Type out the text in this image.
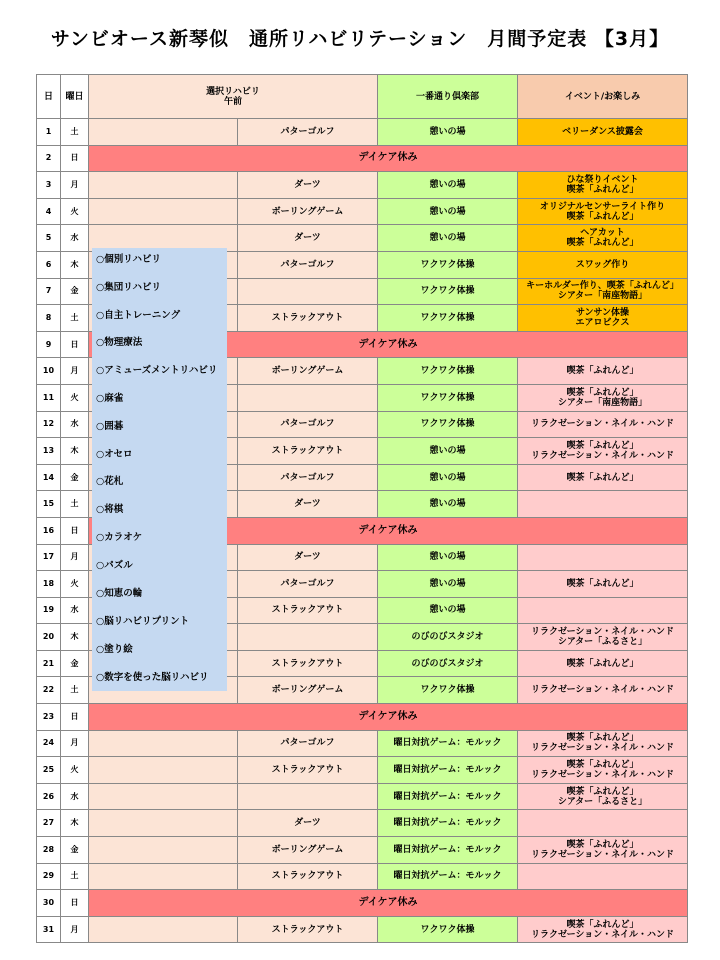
サンビオース新琴似　通所リハビリテーション　月間予定表 【3月】
日	曜日	選択リハビリ
午前		一番通り倶楽部	イベント/お楽しみ
1	土		パターゴルフ	憩いの場	ベリーダンス披露会
2	日	デイケア休み			
3	月		ダーツ	憩いの場	ひな祭りイベント
喫茶「ふれんど」
4	火		ボーリングゲーム	憩いの場	オリジナルセンサーライト作り
喫茶「ふれんど」
5	水		ダーツ	憩いの場	ヘアカット
喫茶「ふれんど」
6	木		パターゴルフ	ワクワク体操	スワッグ作り
7	金			ワクワク体操	キーホルダー作り、喫茶「ふれんど」
シアター「南座物語」
8	土		ストラックアウト	ワクワク体操	サンサン体操
エアロビクス
9	日	デイケア休み			
10	月		ボーリングゲーム	ワクワク体操	喫茶「ふれんど」
11	火			ワクワク体操	喫茶「ふれんど」
シアター「南座物語」
12	水		パターゴルフ	ワクワク体操	リラクゼーション・ネイル・ハンド
13	木		ストラックアウト	憩いの場	喫茶「ふれんど」
リラクゼーション・ネイル・ハンド
14	金		パターゴルフ	憩いの場	喫茶「ふれんど」
15	土		ダーツ	憩いの場	
16	日	デイケア休み			
17	月		ダーツ	憩いの場	
18	火		パターゴルフ	憩いの場	喫茶「ふれんど」
19	水		ストラックアウト	憩いの場	
20	木			のびのびスタジオ	リラクゼーション・ネイル・ハンド
シアター「ふるさと」
21	金		ストラックアウト	のびのびスタジオ	喫茶「ふれんど」
22	土		ボーリングゲーム	ワクワク体操	リラクゼーション・ネイル・ハンド
23	日	デイケア休み			
24	月		パターゴルフ	曜日対抗ゲーム：モルック	喫茶「ふれんど」
リラクゼーション・ネイル・ハンド
25	火		ストラックアウト	曜日対抗ゲーム：モルック	喫茶「ふれんど」
リラクゼーション・ネイル・ハンド
26	水			曜日対抗ゲーム：モルック	喫茶「ふれんど」
シアター「ふるさと」
27	木		ダーツ	曜日対抗ゲーム：モルック	
28	金		ボーリングゲーム	曜日対抗ゲーム：モルック	喫茶「ふれんど」
リラクゼーション・ネイル・ハンド
29	土		ストラックアウト	曜日対抗ゲーム：モルック	
30	日	デイケア休み			
31	月		ストラックアウト	ワクワク体操	喫茶「ふれんど」
リラクゼーション・ネイル・ハンド
○個別リハビリ
○集団リハビリ
○自主トレーニング
○物理療法
○アミューズメントリハビリ
○麻雀
○囲碁
○オセロ
○花札
○将棋
○カラオケ
○パズル
○知恵の輪
○脳リハビリプリント
○塗り絵
○数字を使った脳リハビリ
